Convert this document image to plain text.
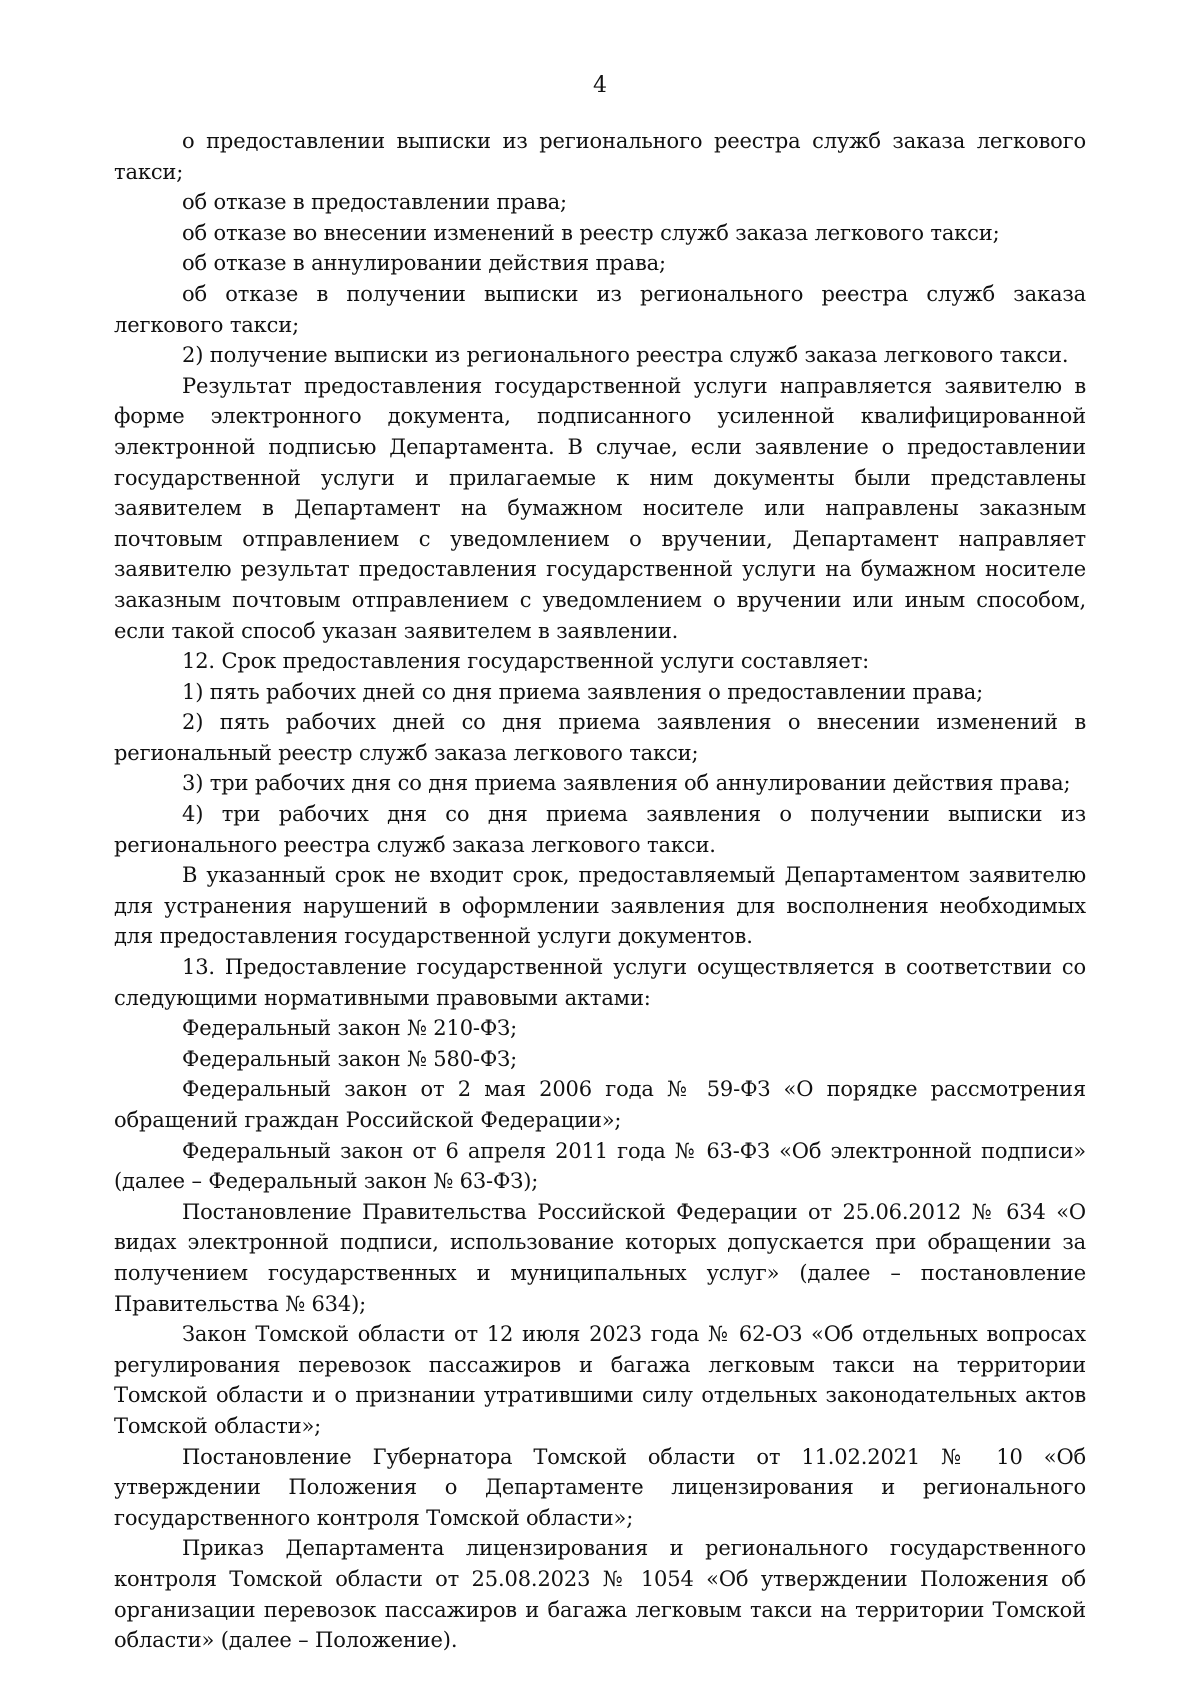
4

о предоставлении выписки из регионального реестра служб заказа легкового такси;

об отказе в предоставлении права;

об отказе во внесении изменений в реестр служб заказа легкового такси;

об отказе в аннулировании действия права;

об отказе в получении выписки из регионального реестра служб заказа легкового такси;

2) получение выписки из регионального реестра служб заказа легкового такси.

Результат предоставления государственной услуги направляется заявителю в форме электронного документа, подписанного усиленной квалифицированной электронной подписью Департамента. В случае, если заявление о предоставлении государственной услуги и прилагаемые к ним документы были представлены заявителем в Департамент на бумажном носителе или направлены заказным почтовым отправлением с уведомлением о вручении, Департамент направляет заявителю результат предоставления государственной услуги на бумажном носителе заказным почтовым отправлением с уведомлением о вручении или иным способом, если такой способ указан заявителем в заявлении.

12. Срок предоставления государственной услуги составляет:

1) пять рабочих дней со дня приема заявления о предоставлении права;

2) пять рабочих дней со дня приема заявления о внесении изменений в региональный реестр служб заказа легкового такси;

3) три рабочих дня со дня приема заявления об аннулировании действия права;

4) три рабочих дня со дня приема заявления о получении выписки из регионального реестра служб заказа легкового такси.

В указанный срок не входит срок, предоставляемый Департаментом заявителю для устранения нарушений в оформлении заявления для восполнения необходимых для предоставления государственной услуги документов.

13. Предоставление государственной услуги осуществляется в соответствии со следующими нормативными правовыми актами:

Федеральный закон № 210-ФЗ;

Федеральный закон № 580-ФЗ;

Федеральный закон от 2 мая 2006 года № 59-ФЗ «О порядке рассмотрения обращений граждан Российской Федерации»;

Федеральный закон от 6 апреля 2011 года № 63-ФЗ «Об электронной подписи» (далее – Федеральный закон № 63-ФЗ);

Постановление Правительства Российской Федерации от 25.06.2012 № 634 «О видах электронной подписи, использование которых допускается при обращении за получением государственных и муниципальных услуг» (далее – постановление Правительства № 634);

Закон Томской области от 12 июля 2023 года № 62-ОЗ «Об отдельных вопросах регулирования перевозок пассажиров и багажа легковым такси на территории Томской области и о признании утратившими силу отдельных законодательных актов Томской области»;

Постановление Губернатора Томской области от 11.02.2021 № 10 «Об утверждении Положения о Департаменте лицензирования и регионального государственного контроля Томской области»;

Приказ Департамента лицензирования и регионального государственного контроля Томской области от 25.08.2023 № 1054 «Об утверждении Положения об организации перевозок пассажиров и багажа легковым такси на территории Томской области» (далее – Положение).
